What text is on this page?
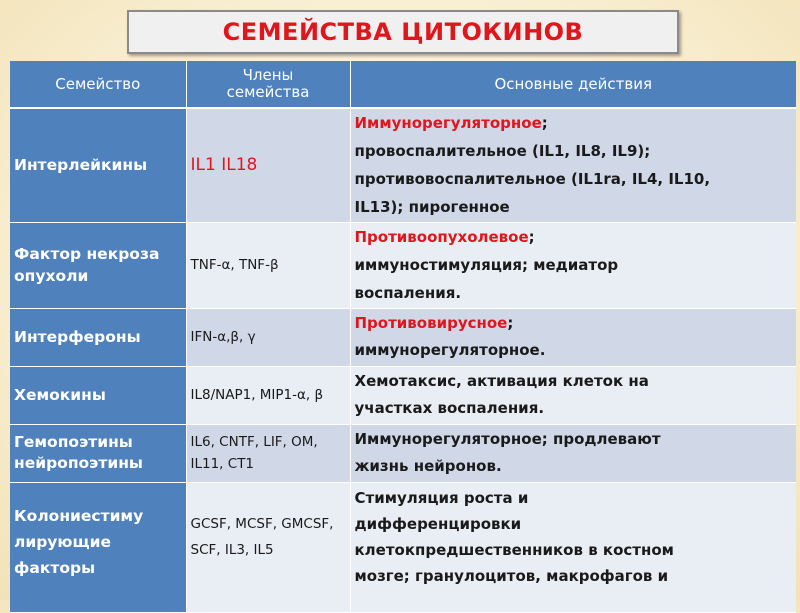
СЕМЕЙСТВА ЦИТОКИНОВ
Семейство	Члены семейства	Основные действия
Интерлейкины	IL1 IL18	Иммунорегуляторное;
провоспалительное (IL1, IL8, IL9);
противовоспалительное (IL1ra, IL4, IL10,
IL13); пирогенное

Фактор некроза опухоли	TNF-α, TNF-β	Противоопухолевое;
иммуностимуляция; медиатор
воспаления.

Интерфероны	IFN-α,β, γ	Противовирусное;
иммунорегуляторное.

Хемокины	IL8/NAP1, MIP1-α, β	Хемотаксис, активация клеток на
участках воспаления.

Гемопоэтины нейропоэтины	IL6, CNTF, LIF, OM, IL11, CT1	Иммунорегуляторное; продлевают
жизнь нейронов.

Колониестиму лирующие факторы	GCSF, MCSF, GMCSF, SCF, IL3, IL5	Стимуляция роста и
дифференцировки
клетокпредшественников в костном
мозге; гранулоцитов, макрофагов и
